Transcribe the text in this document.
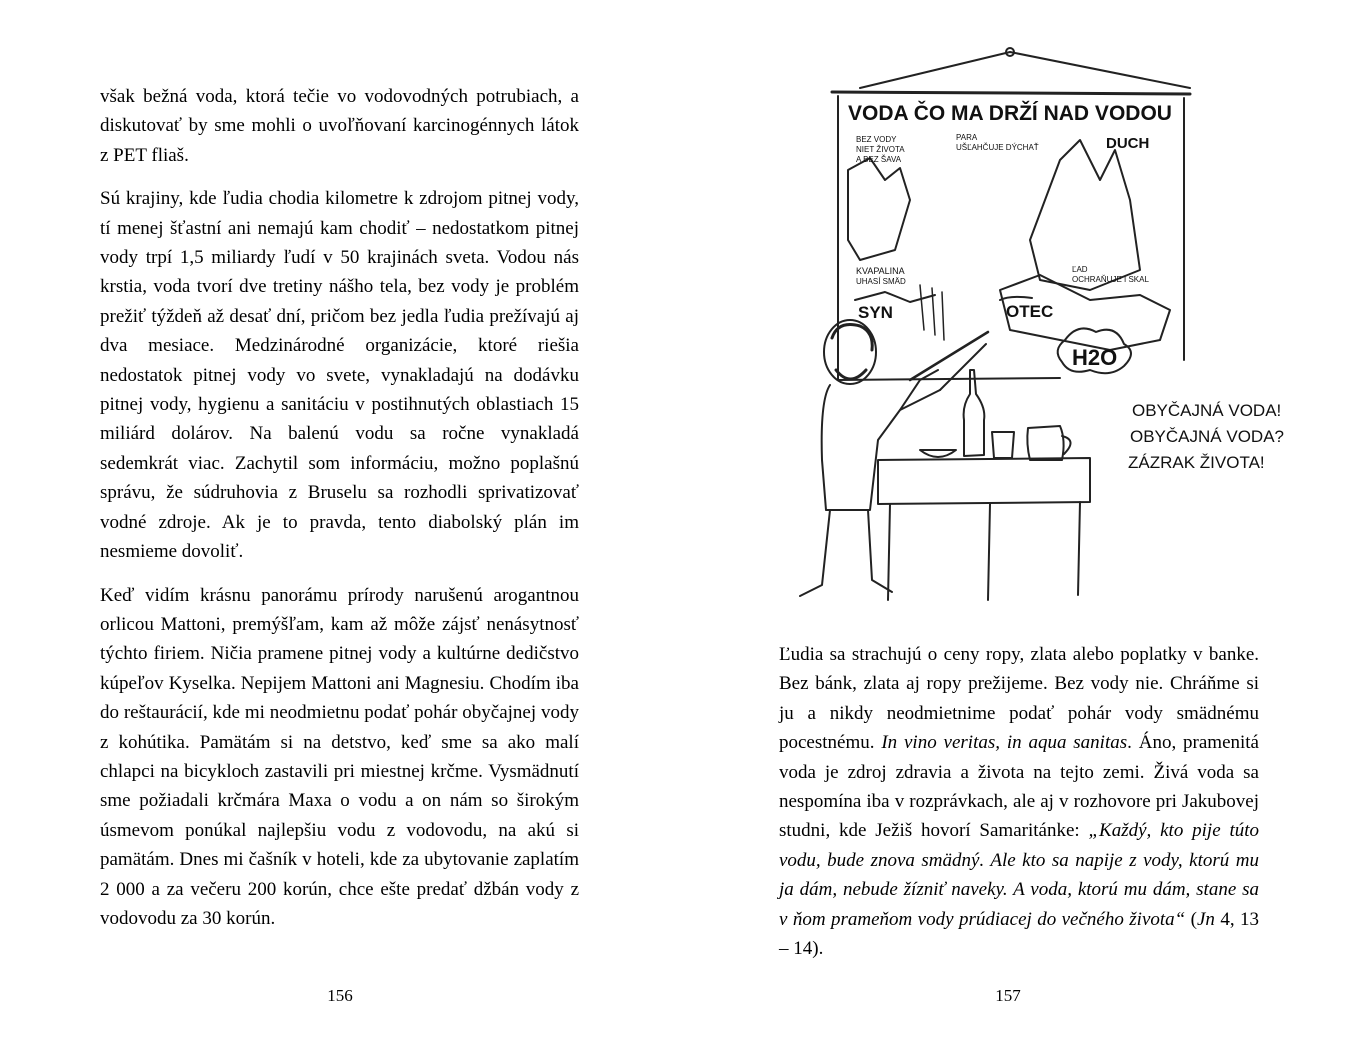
však bežná voda, ktorá tečie vo vodovodných potrubiach, a diskutovať by sme mohli o uvoľňovaní karcinogénnych látok z PET fliaš.

Sú krajiny, kde ľudia chodia kilometre k zdrojom pitnej vody, tí menej šťastní ani nemajú kam chodiť – nedostatkom pitnej vody trpí 1,5 miliardy ľudí v 50 krajinách sveta. Vodou nás krstia, voda tvorí dve tretiny nášho tela, bez vody je problém prežiť týždeň až desať dní, pričom bez jedla ľudia prežívajú aj dva mesiace. Medzinárodné organizácie, ktoré riešia nedostatok pitnej vody vo svete, vynakladajú na dodávku pitnej vody, hygienu a sanitáciu v postihnutých oblastiach 15 miliárd dolárov. Na balenú vodu sa ročne vynakladá sedemkrát viac. Zachytil som informáciu, možno poplašnú správu, že súdruhovia z Bruselu sa rozhodli sprivatizovať vodné zdroje. Ak je to pravda, tento diabolský plán im nesmieme dovoliť.

Keď vidím krásnu panorámu prírody narušenú arogantnou orlicou Mattoni, premýšľam, kam až môže zájsť nenásytnosť týchto firiem. Ničia pramene pitnej vody a kultúrne dedičstvo kúpeľov Kyselka. Nepijem Mattoni ani Magnesiu. Chodím iba do reštaurácií, kde mi neodmietnu podať pohár obyčajnej vody z kohútika. Pamätám si na detstvo, keď sme sa ako malí chlapci na bicykloch zastavili pri miestnej krčme. Vysmädnutí sme požiadali krčmára Maxa o vodu a on nám so širokým úsmevom ponúkal najlepšiu vodu z vodovodu, na akú si pamätám. Dnes mi čašník v hoteli, kde za ubytovanie zaplatím 2 000 a za večeru 200 korún, chce ešte predať džbán vody z vodovodu za 30 korún.

156
VODA ČO MA DRŽÍ NAD VODOU
DUCH
SYN	OTEC
H2O
BEZ VODY
NIET ŽIVOTA
A BEZ ŠAVA
PARA
UŠĽAHČUJE DÝCHAŤ
KVAPALINA
UHASÍ SMÄD
ĽAD
OCHRAŇUJE I SKAL
OBYČAJNÁ VODA!
OBYČAJNÁ VODA?
ZÁZRAK ŽIVOTA!

Ľudia sa strachujú o ceny ropy, zlata alebo poplatky v banke. Bez bánk, zlata aj ropy prežijeme. Bez vody nie. Chráňme si ju a nikdy neodmietnime podať pohár vody smädnému pocestnému. In vino veritas, in aqua sanitas. Áno, pramenitá voda je zdroj zdravia a života na tejto zemi. Živá voda sa nespomína iba v rozprávkach, ale aj v rozhovore pri Jakubovej studni, kde Ježiš hovorí Samaritánke: „Každý, kto pije túto vodu, bude znova smädný. Ale kto sa napije z vody, ktorú mu ja dám, nebude žízniť naveky. A voda, ktorú mu dám, stane sa v ňom prameňom vody prúdiacej do večného života“ (Jn 4, 13 – 14).

157
